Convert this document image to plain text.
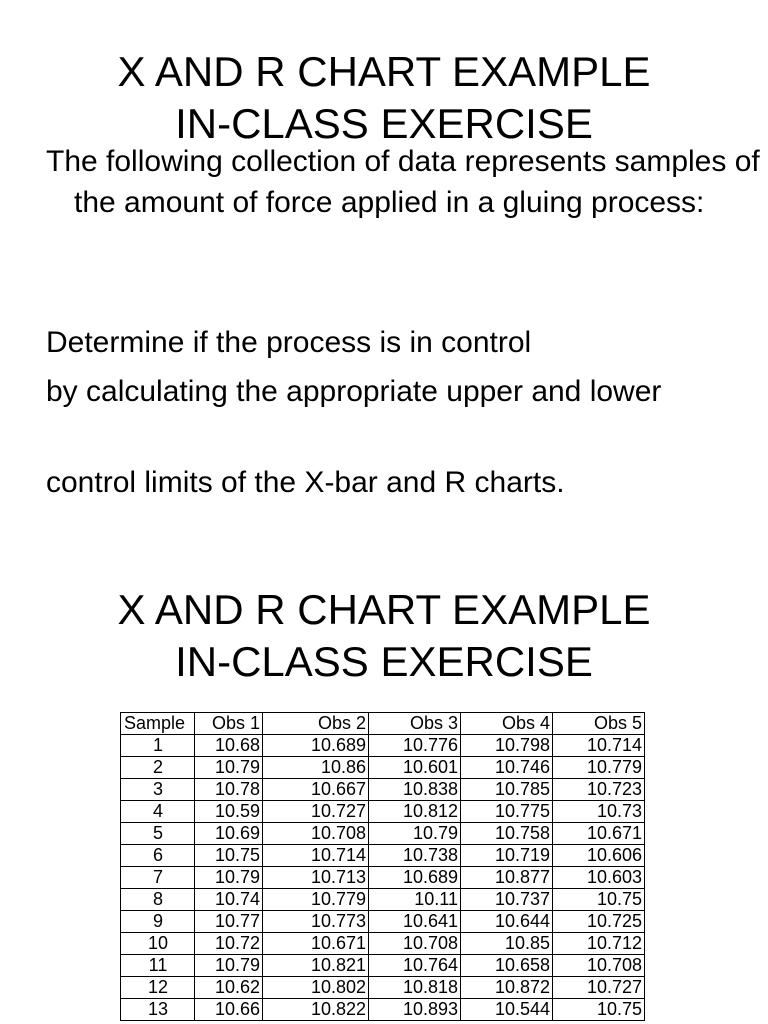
X AND R CHART EXAMPLE
IN-CLASS EXERCISE

The following collection of data represents samples of the amount of force applied in a gluing process:

Determine if the process is in control

by calculating the appropriate upper and lower

control limits of the X-bar and R charts.

X AND R CHART EXAMPLE
IN-CLASS EXERCISE
Sample	Obs 1	Obs 2	Obs 3	Obs 4	Obs 5
1	10.68	10.689	10.776	10.798	10.714
2	10.79	10.86	10.601	10.746	10.779
3	10.78	10.667	10.838	10.785	10.723
4	10.59	10.727	10.812	10.775	10.73
5	10.69	10.708	10.79	10.758	10.671
6	10.75	10.714	10.738	10.719	10.606
7	10.79	10.713	10.689	10.877	10.603
8	10.74	10.779	10.11	10.737	10.75
9	10.77	10.773	10.641	10.644	10.725
10	10.72	10.671	10.708	10.85	10.712
11	10.79	10.821	10.764	10.658	10.708
12	10.62	10.802	10.818	10.872	10.727
13	10.66	10.822	10.893	10.544	10.75
